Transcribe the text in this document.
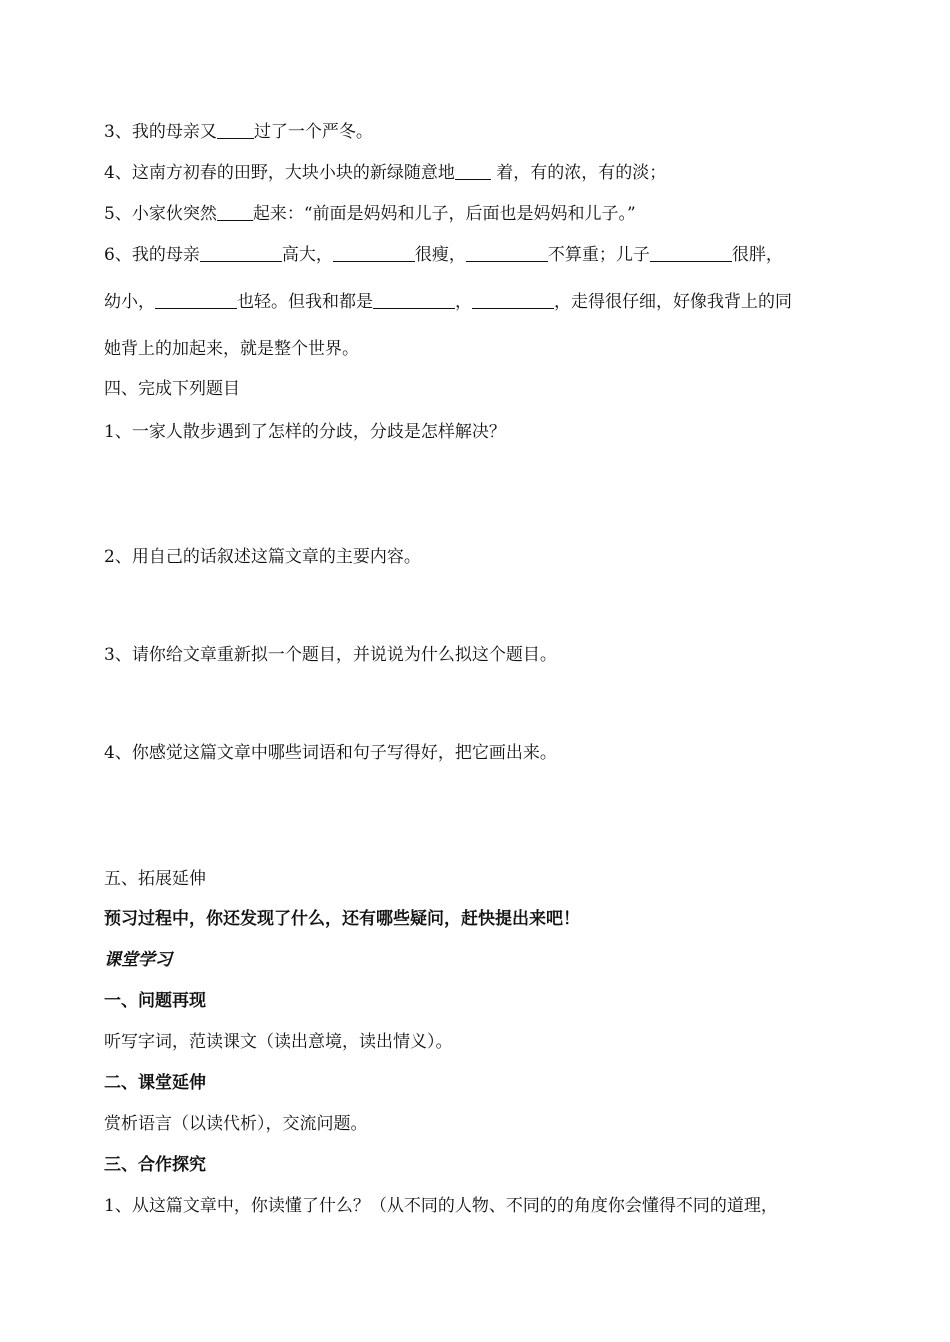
3、我的母亲又 过了一个严冬。
4、这南方初春的田野，大块小块的新绿随意地 着，有的浓，有的淡；
5、小家伙突然 起来：“前面是妈妈和儿子，后面也是妈妈和儿子。”
6、我的母亲	高大，	很瘦，	不算重；儿子	很胖，
幼小，	也轻。但我和都是	，	，走得很仔细，好像我背上的同
她背上的加起来，就是整个世界。
四、完成下列题目
1、一家人散步遇到了怎样的分歧，分歧是怎样解决？
2、用自己的话叙述这篇文章的主要内容。
3、请你给文章重新拟一个题目，并说说为什么拟这个题目。
4、你感觉这篇文章中哪些词语和句子写得好，把它画出来。
五、拓展延伸
预习过程中，你还发现了什么，还有哪些疑问，赶快提出来吧！
课堂学习
一、问题再现
听写字词，范读课文（读出意境，读出情义）。
二、课堂延伸
赏析语言（以读代析），交流问题。
三、合作探究
1、从这篇文章中，你读懂了什么？（从不同的人物、不同的的角度你会懂得不同的道理，
